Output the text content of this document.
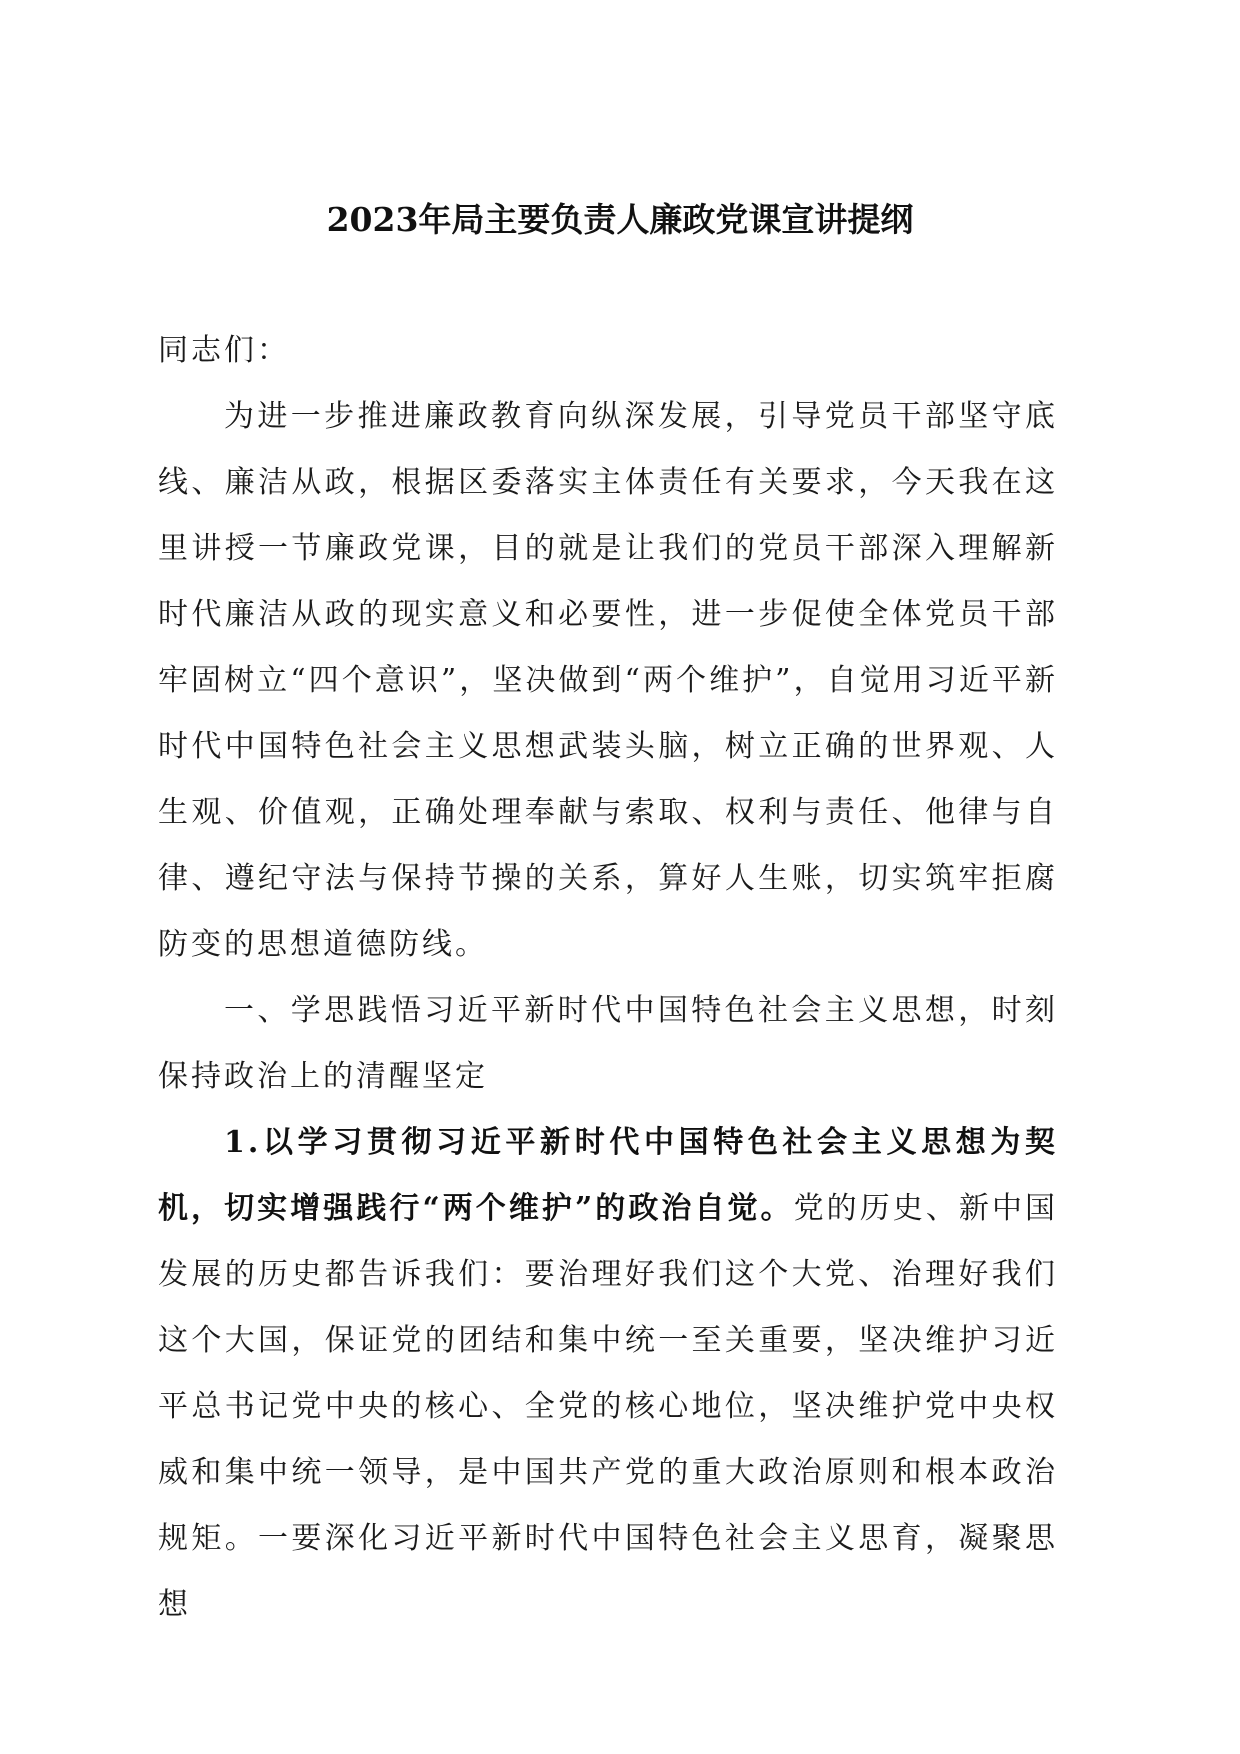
2023年局主要负责人廉政党课宣讲提纲

同志们：

为进一步推进廉政教育向纵深发展，引导党员干部坚守底线、廉洁从政，根据区委落实主体责任有关要求，今天我在这里讲授一节廉政党课，目的就是让我们的党员干部深入理解新时代廉洁从政的现实意义和必要性，进一步促使全体党员干部牢固树立“四个意识”，坚决做到“两个维护”，自觉用习近平新时代中国特色社会主义思想武装头脑，树立正确的世界观、人生观、价值观，正确处理奉献与索取、权利与责任、他律与自律、遵纪守法与保持节操的关系，算好人生账，切实筑牢拒腐防变的思想道德防线。

一、学思践悟习近平新时代中国特色社会主义思想，时刻保持政治上的清醒坚定

1.以学习贯彻习近平新时代中国特色社会主义思想为契机，切实增强践行“两个维护”的政治自觉。党的历史、新中国发展的历史都告诉我们：要治理好我们这个大党、治理好我们这个大国，保证党的团结和集中统一至关重要，坚决维护习近平总书记党中央的核心、全党的核心地位，坚决维护党中央权威和集中统一领导，是中国共产党的重大政治原则和根本政治规矩。一要深化习近平新时代中国特色社会主义思育，凝聚思想
